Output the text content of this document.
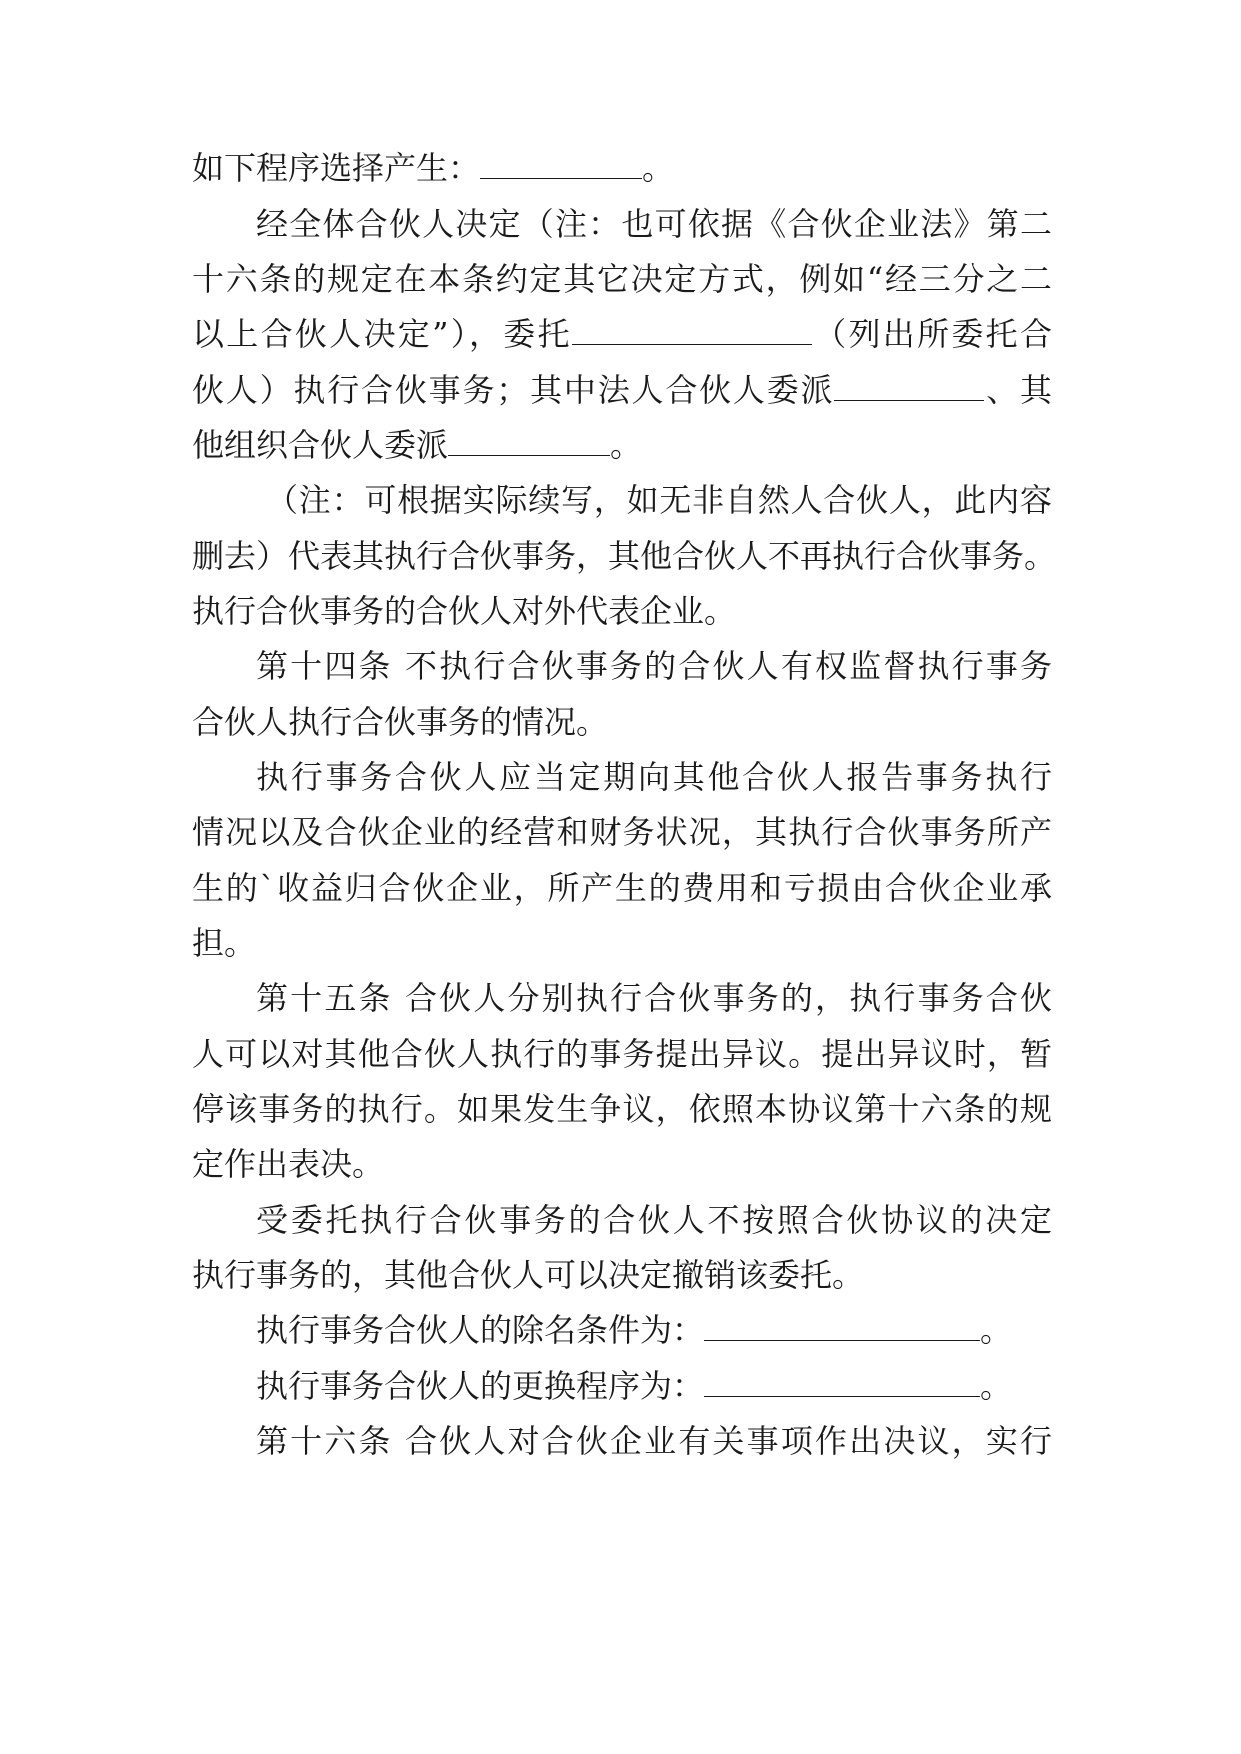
如下程序选择产生：	。

经全体合伙人决定（注：也可依据《合伙企业法》第二

十六条的规定在本条约定其它决定方式，例如“经三分之二

以上合伙人决定”），委托	（列出所委托合

伙人）执行合伙事务；其中法人合伙人委派	、其

他组织合伙人委派	。

（注：可根据实际续写，如无非自然人合伙人，此内容

删去）代表其执行合伙事务，其他合伙人不再执行合伙事务。

执行合伙事务的合伙人对外代表企业。

第十四条 不执行合伙事务的合伙人有权监督执行事务

合伙人执行合伙事务的情况。

执行事务合伙人应当定期向其他合伙人报告事务执行

情况以及合伙企业的经营和财务状况，其执行合伙事务所产

生的`收益归合伙企业，所产生的费用和亏损由合伙企业承

担。

第十五条 合伙人分别执行合伙事务的，执行事务合伙

人可以对其他合伙人执行的事务提出异议。提出异议时，暂

停该事务的执行。如果发生争议，依照本协议第十六条的规

定作出表决。

受委托执行合伙事务的合伙人不按照合伙协议的决定

执行事务的，其他合伙人可以决定撤销该委托。

执行事务合伙人的除名条件为：	。

执行事务合伙人的更换程序为：	。

第十六条 合伙人对合伙企业有关事项作出决议，实行
